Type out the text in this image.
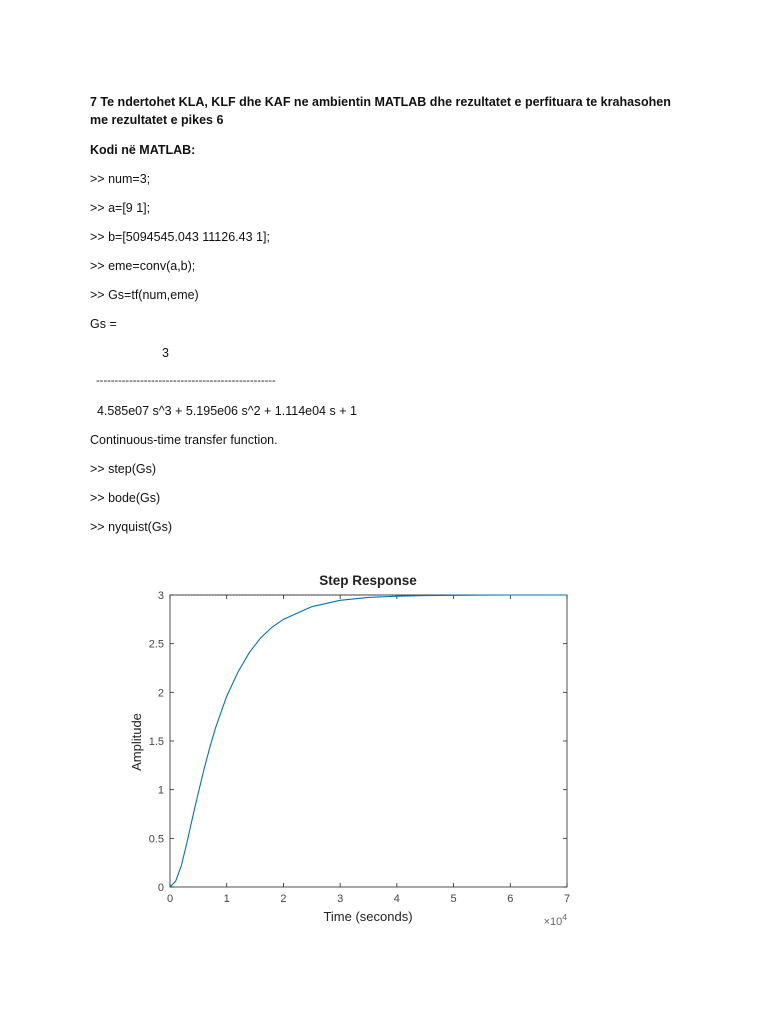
7 Te ndertohet KLA, KLF dhe KAF ne ambientin MATLAB dhe rezultatet e perfituara te krahasohen me rezultatet e pikes 6

Kodi në MATLAB:
>> num=3;
>> a=[9 1];
>> b=[5094545.043 11126.43 1];
>> eme=conv(a,b);
>> Gs=tf(num,eme)
Gs =
3
-------------------------------------------------
4.585e07 s^3 + 5.195e06 s^2 + 1.114e04 s + 1
Continuous-time transfer function.
>> step(Gs)
>> bode(Gs)
>> nyquist(Gs)
0	1	2	3	4	5	6	7
0
0.5
1
1.5
2
2.5
3
Step Response
Time (seconds)
Amplitude
$\times 10^4$
